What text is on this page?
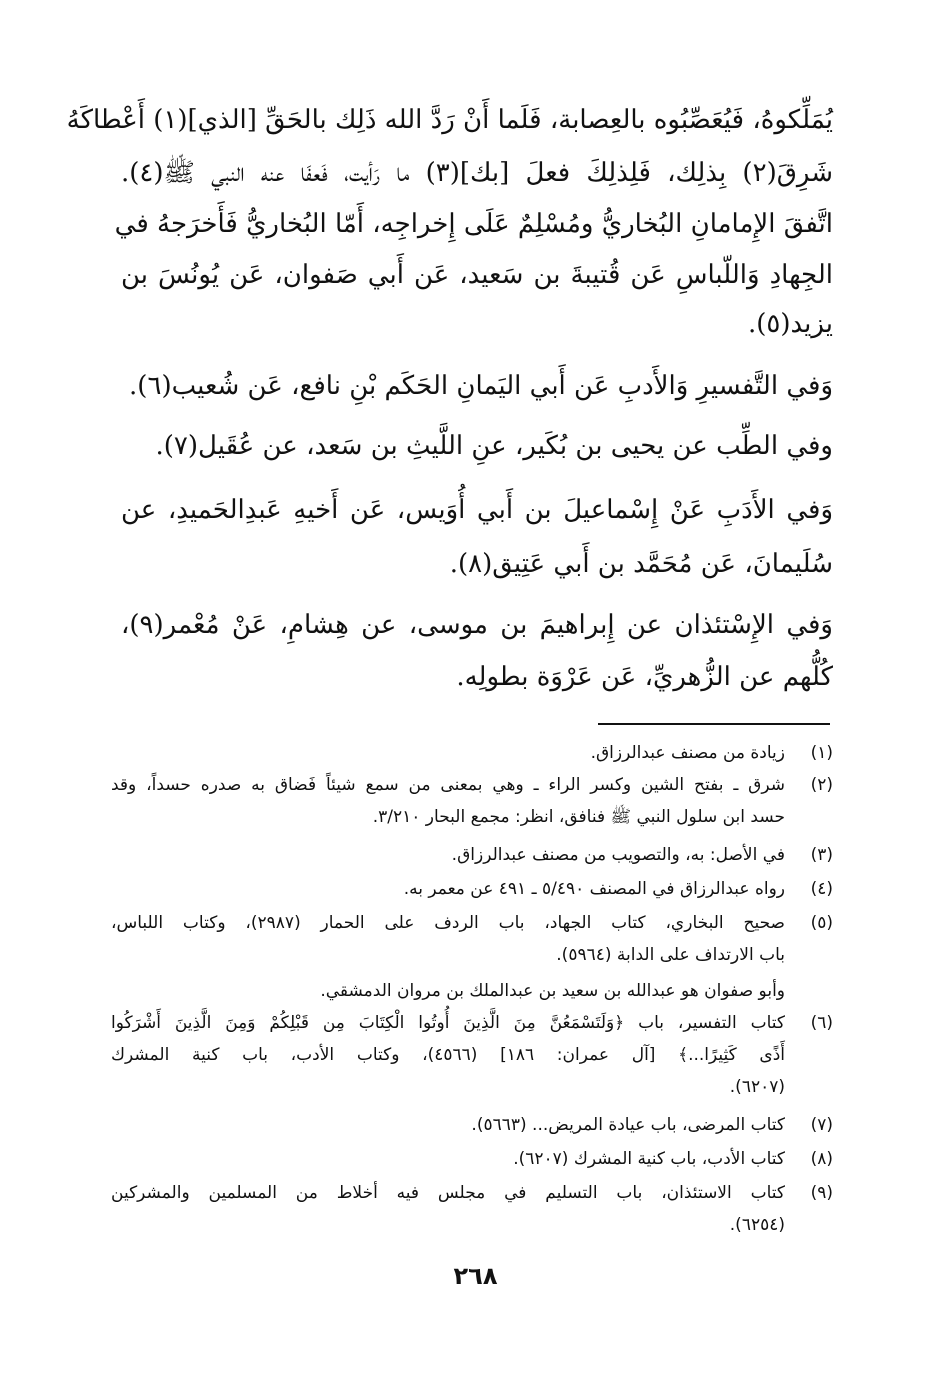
يُمَلِّكوهُ، فَيُعَصِّبُوه بالعِصابة، فَلَما أَنْ رَدَّ الله ذَلِك بالحَقِّ [الذي](١) أَعْطاكَهُ
شَرِقَ(٢) بِذلِك، فَلِذلِكَ فعلَ [بك](٣) ما رَأيت، فَعفَا عنه النبي ﷺ(٤).
اتَّفقَ الإِمامانِ البُخاريُّ ومُسْلِمٌ عَلَى إِخراجِه، أَمّا البُخاريُّ فَأَخرَجهُ في
الجِهادِ وَاللّباسِ عَن قُتيبةَ بن سَعيد، عَن أَبي صَفوان، عَن يُونُسَ بن
يزيد(٥).
وَفي التَّفسيرِ وَالأَدبِ عَن أَبي اليَمانِ الحَكَم بْنِ نافع، عَن شُعيب(٦).
وفي الطِّب عن يحيى بن بُكَير، عنِ اللَّيثِ بن سَعد، عن عُقَيل(٧).
وَفي الأَدَبِ عَنْ إِسْماعيلَ بن أَبي أُوَيس، عَن أَخيهِ عَبدِالحَميدِ، عن
سُلَيمانَ، عَن مُحَمَّد بن أَبي عَتِيق(٨).
وَفي الإِسْتئذان عن إِبراهيمَ بن موسى، عن هِشامِ، عَنْ مُعْمر(٩)،
كُلُّهم عن الزُّهريِّ، عَن عَرْوَة بطولِه.
(١)
زيادة من مصنف عبدالرزاق.
(٢)
شرق ـ بفتح الشين وكسر الراء ـ وهي بمعنى من سمع شيئاً فَضاق به صدره حسداً، وقد
حسد ابن سلول النبي ﷺ فنافق، انظر: مجمع البحار ٣/٢١٠.
(٣)
في الأصل: به، والتصويب من مصنف عبدالرزاق.
(٤)
رواه عبدالرزاق في المصنف ٥/٤٩٠ ـ ٤٩١ عن معمر به.
(٥)
صحيح البخاري، كتاب الجهاد، باب الردف على الحمار (٢٩٨٧)، وكتاب اللباس،
باب الارتداف على الدابة (٥٩٦٤).
وأبو صفوان هو عبدالله بن سعيد بن عبدالملك بن مروان الدمشقي.
(٦)
كتاب التفسير، باب ﴿وَلَتَسْمَعُنَّ مِنَ الَّذِينَ أُوتُوا الْكِتَابَ مِن قَبْلِكُمْ وَمِنَ الَّذِينَ أَشْرَكُوا
أَذًى كَثِيرًا...﴾ [آل عمران: ١٨٦] (٤٥٦٦)، وكتاب الأدب، باب كنية المشرك
(٦٢٠٧).
(٧)
كتاب المرضى، باب عيادة المريض... (٥٦٦٣).
(٨)
كتاب الأدب، باب كنية المشرك (٦٢٠٧).
(٩)
كتاب الاستئذان، باب التسليم في مجلس فيه أخلاط من المسلمين والمشركين
(٦٢٥٤).
٢٦٨
